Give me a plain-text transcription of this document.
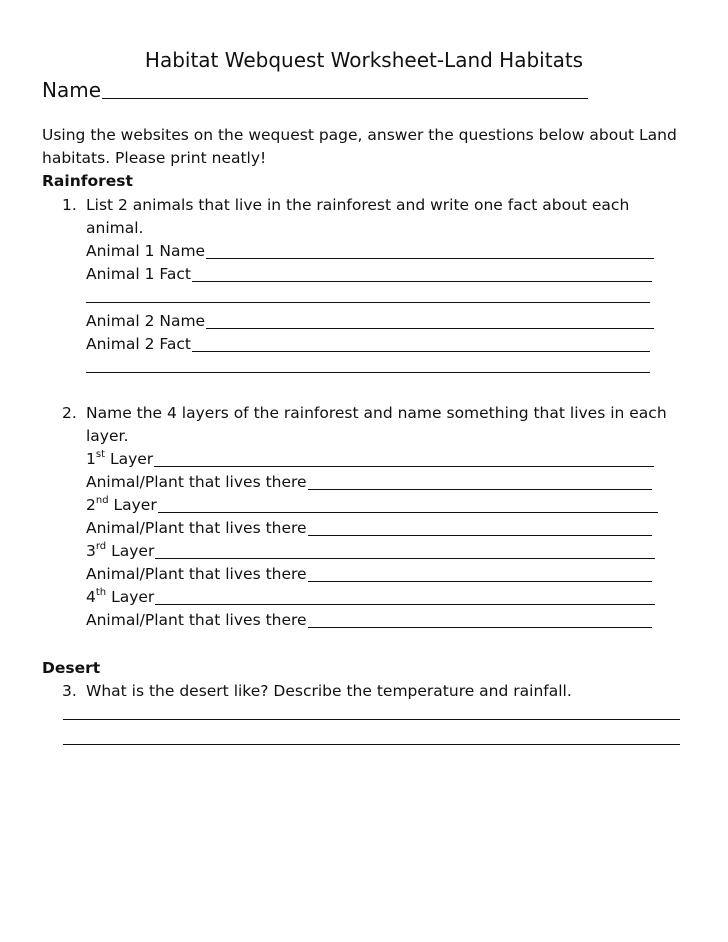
Habitat Webquest Worksheet-Land Habitats
Name
Using the websites on the wequest page, answer the questions below about Land
habitats. Please print neatly!
Rainforest
1. List 2 animals that live in the rainforest and write one fact about each
animal.
Animal 1 Name
Animal 1 Fact
Animal 2 Name
Animal 2 Fact
2. Name the 4 layers of the rainforest and name something that lives in each
layer.
1st Layer
Animal/Plant that lives there
2nd Layer
Animal/Plant that lives there
3rd Layer
Animal/Plant that lives there
4th Layer
Animal/Plant that lives there
Desert
3. What is the desert like? Describe the temperature and rainfall.
